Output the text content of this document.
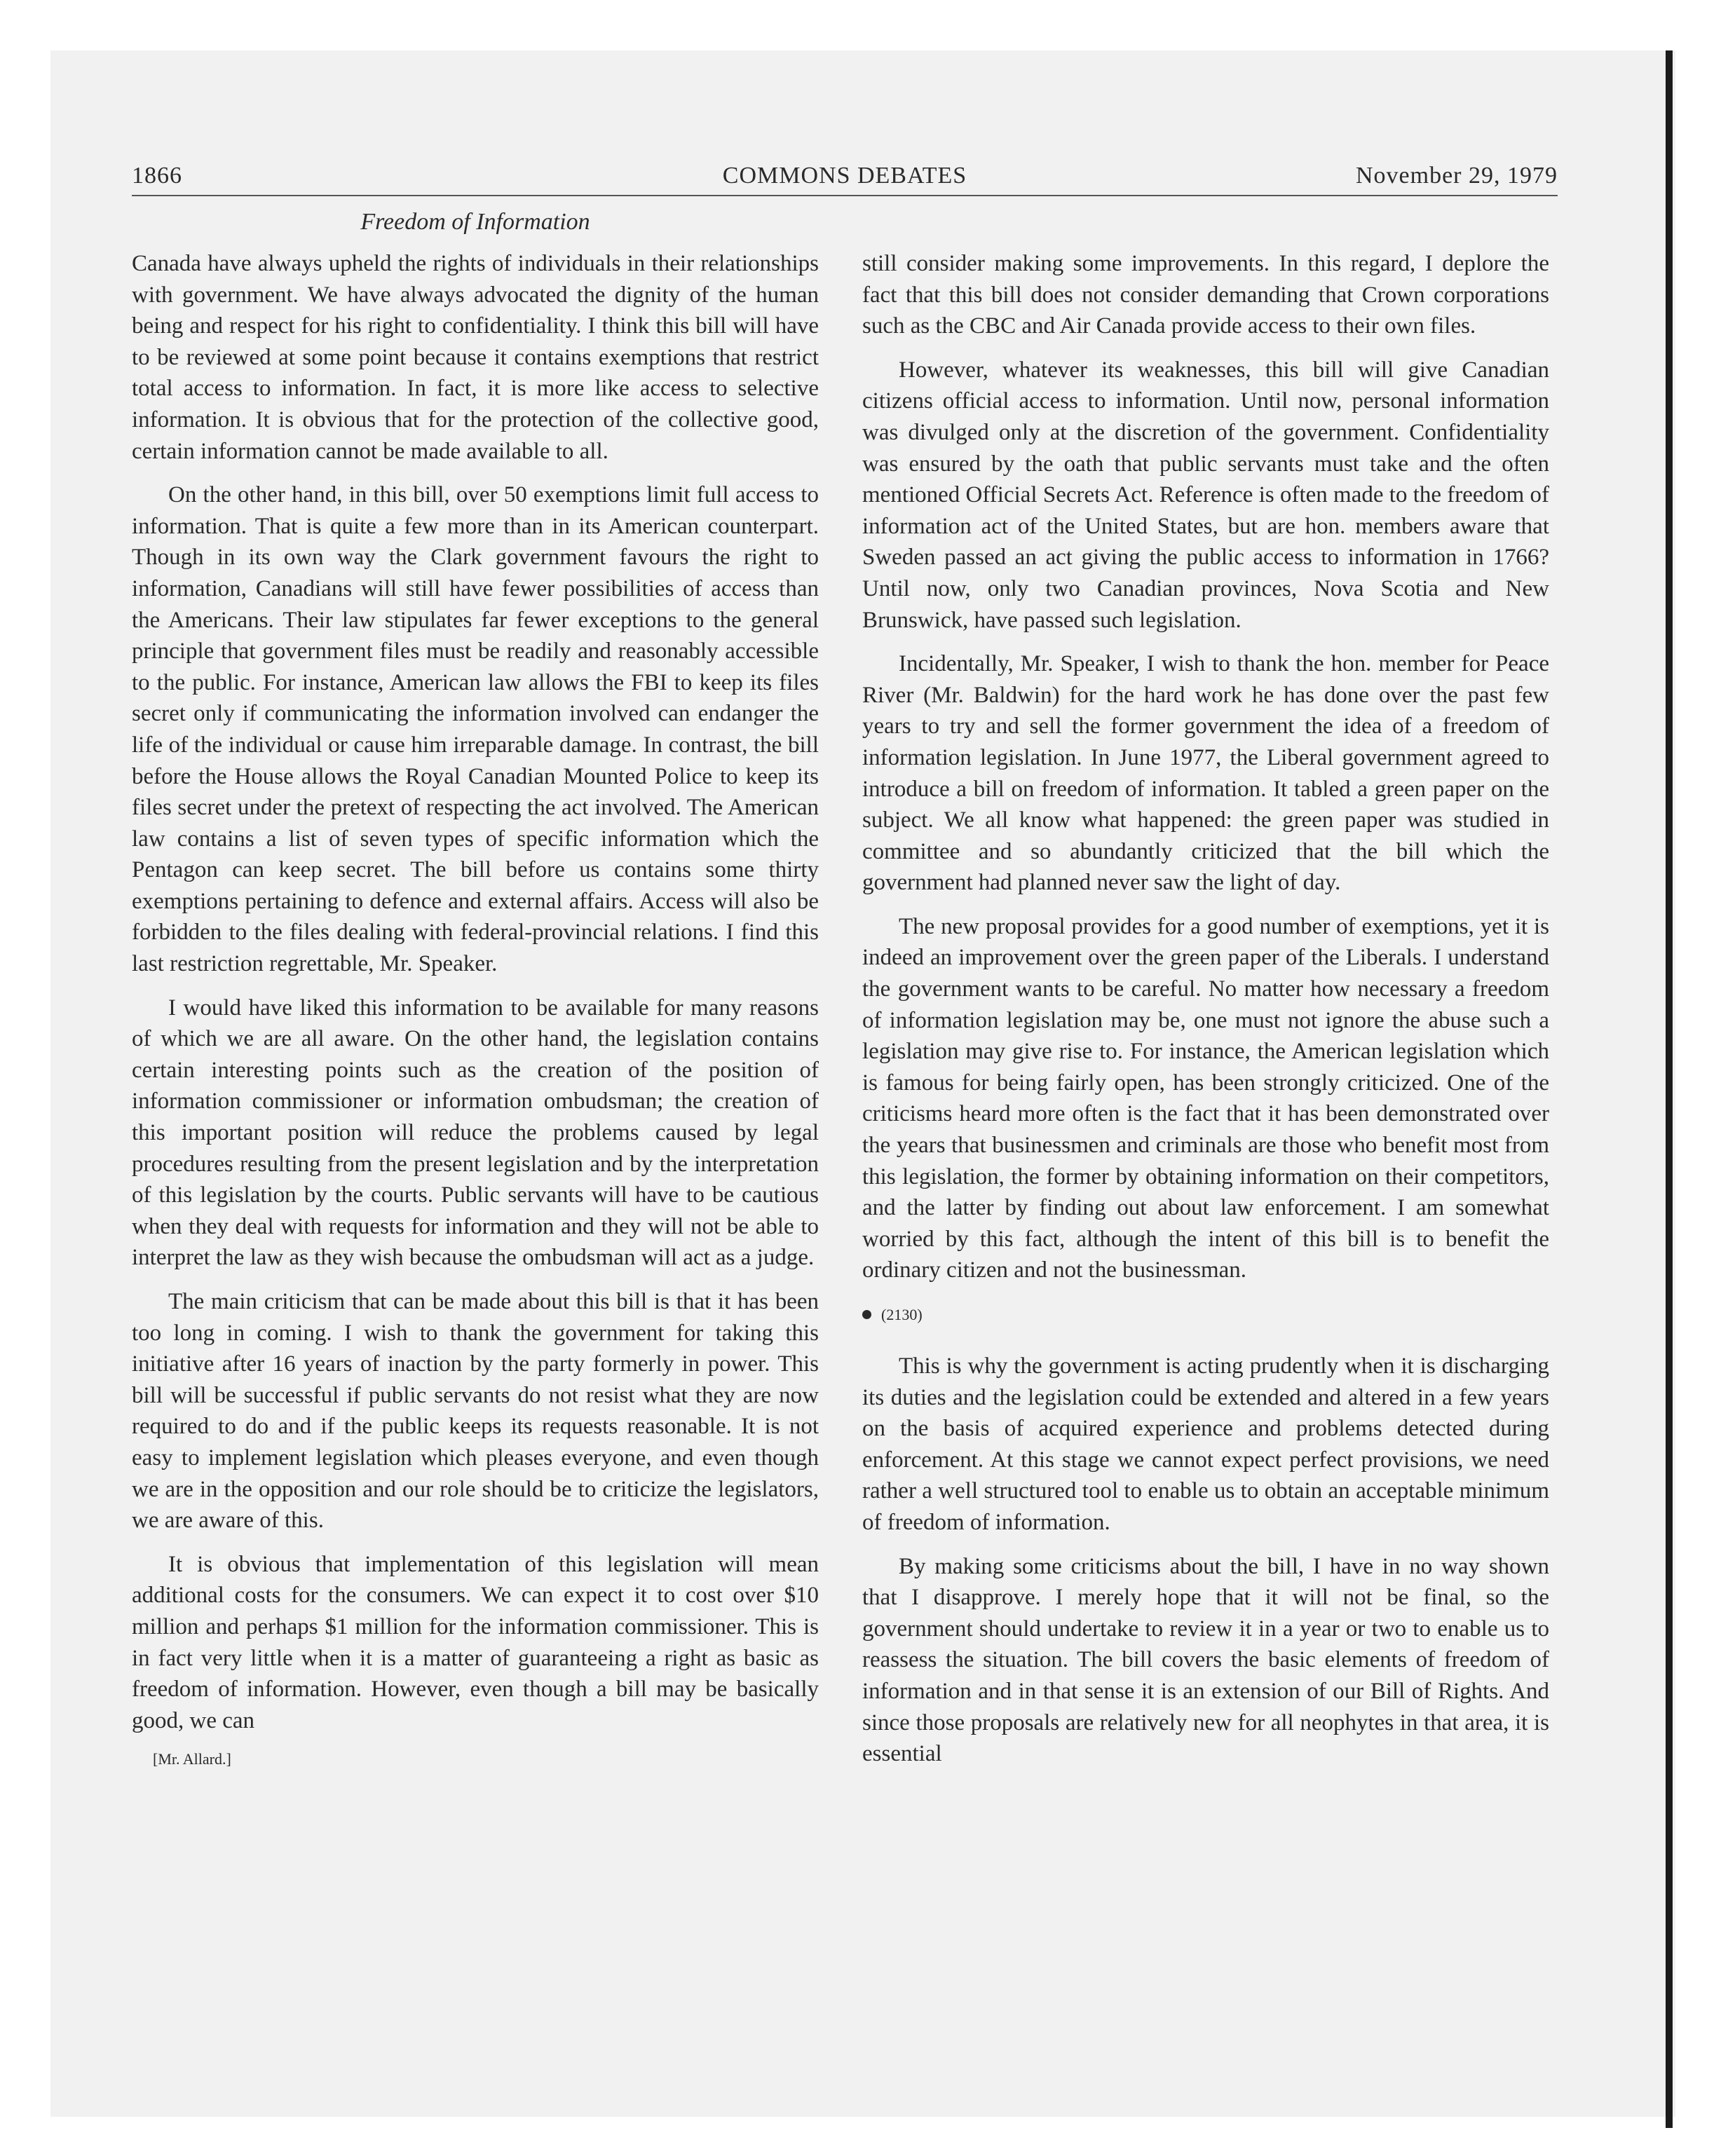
1866	COMMONS DEBATES	November 29, 1979
Freedom of Information

Canada have always upheld the rights of individuals in their relationships with government. We have always advocated the dignity of the human being and respect for his right to confidentiality. I think this bill will have to be reviewed at some point because it contains exemptions that restrict total access to information. In fact, it is more like access to selective information. It is obvious that for the protection of the collective good, certain information cannot be made available to all.

On the other hand, in this bill, over 50 exemptions limit full access to information. That is quite a few more than in its American counterpart. Though in its own way the Clark government favours the right to information, Canadians will still have fewer possibilities of access than the Americans. Their law stipulates far fewer exceptions to the general principle that government files must be readily and reasonably accessible to the public. For instance, American law allows the FBI to keep its files secret only if communicating the information involved can endanger the life of the individual or cause him irreparable damage. In contrast, the bill before the House allows the Royal Canadian Mounted Police to keep its files secret under the pretext of respecting the act involved. The American law contains a list of seven types of specific information which the Pentagon can keep secret. The bill before us contains some thirty exemptions pertaining to defence and external affairs. Access will also be forbidden to the files dealing with federal-provincial relations. I find this last restriction regrettable, Mr. Speaker.

I would have liked this information to be available for many reasons of which we are all aware. On the other hand, the legislation contains certain interesting points such as the creation of the position of information commissioner or information ombudsman; the creation of this important position will reduce the problems caused by legal procedures resulting from the present legislation and by the interpretation of this legislation by the courts. Public servants will have to be cautious when they deal with requests for information and they will not be able to interpret the law as they wish because the ombudsman will act as a judge.

The main criticism that can be made about this bill is that it has been too long in coming. I wish to thank the government for taking this initiative after 16 years of inaction by the party formerly in power. This bill will be successful if public servants do not resist what they are now required to do and if the public keeps its requests reasonable. It is not easy to implement legislation which pleases everyone, and even though we are in the opposition and our role should be to criticize the legislators, we are aware of this.

It is obvious that implementation of this legislation will mean additional costs for the consumers. We can expect it to cost over $10 million and perhaps $1 million for the information commissioner. This is in fact very little when it is a matter of guaranteeing a right as basic as freedom of information. However, even though a bill may be basically good, we can

[Mr. Allard.]

still consider making some improvements. In this regard, I deplore the fact that this bill does not consider demanding that Crown corporations such as the CBC and Air Canada provide access to their own files.

However, whatever its weaknesses, this bill will give Canadian citizens official access to information. Until now, personal information was divulged only at the discretion of the government. Confidentiality was ensured by the oath that public servants must take and the often mentioned Official Secrets Act. Reference is often made to the freedom of information act of the United States, but are hon. members aware that Sweden passed an act giving the public access to information in 1766? Until now, only two Canadian provinces, Nova Scotia and New Brunswick, have passed such legislation.

Incidentally, Mr. Speaker, I wish to thank the hon. member for Peace River (Mr. Baldwin) for the hard work he has done over the past few years to try and sell the former government the idea of a freedom of information legislation. In June 1977, the Liberal government agreed to introduce a bill on freedom of information. It tabled a green paper on the subject. We all know what happened: the green paper was studied in committee and so abundantly criticized that the bill which the government had planned never saw the light of day.

The new proposal provides for a good number of exemptions, yet it is indeed an improvement over the green paper of the Liberals. I understand the government wants to be careful. No matter how necessary a freedom of information legislation may be, one must not ignore the abuse such a legislation may give rise to. For instance, the American legislation which is famous for being fairly open, has been strongly criticized. One of the criticisms heard more often is the fact that it has been demonstrated over the years that businessmen and criminals are those who benefit most from this legislation, the former by obtaining information on their competitors, and the latter by finding out about law enforcement. I am somewhat worried by this fact, although the intent of this bill is to benefit the ordinary citizen and not the businessman.

(2130)

This is why the government is acting prudently when it is discharging its duties and the legislation could be extended and altered in a few years on the basis of acquired experience and problems detected during enforcement. At this stage we cannot expect perfect provisions, we need rather a well structured tool to enable us to obtain an acceptable minimum of freedom of information.

By making some criticisms about the bill, I have in no way shown that I disapprove. I merely hope that it will not be final, so the government should undertake to review it in a year or two to enable us to reassess the situation. The bill covers the basic elements of freedom of information and in that sense it is an extension of our Bill of Rights. And since those proposals are relatively new for all neophytes in that area, it is essential
